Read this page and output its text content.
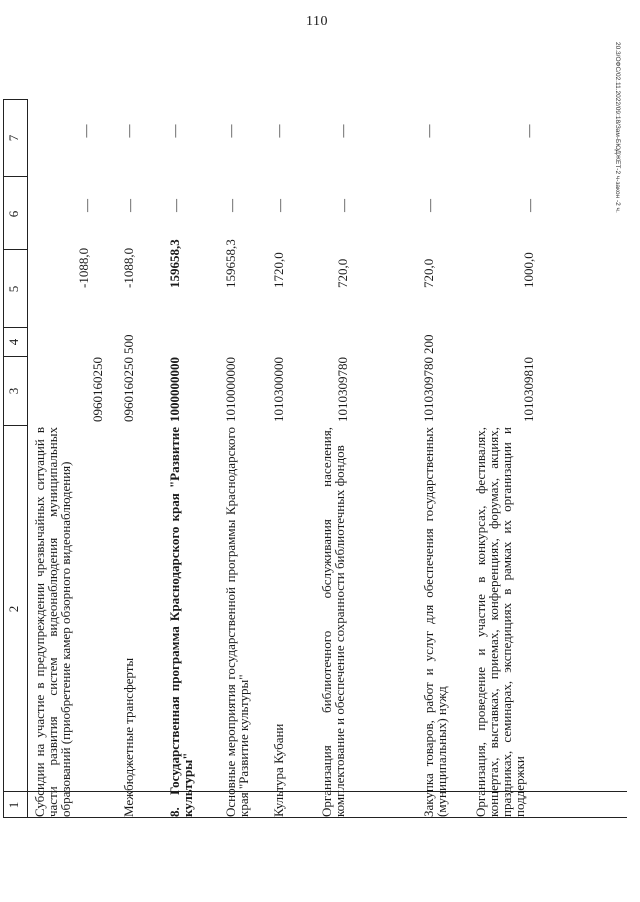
110
20.3/ОФС/02.11.2022/09:18/Зам-БЮДЖЕТ-2 ч-закон -2 ч.
1
2
3
4
5
6
7
Субсидии на участие в предупреждении чрезвычайных ситуаций в части развития систем видеонаблюдения муниципальных образований (приобретение камер обзорного видеонаблюдения)
0960160250
-1088,0
—
—
Межбюджетные трансферты
0960160250
500
-1088,0
—
—
8.Государственная программа Краснодарского края "Развитие культуры"
1000000000
159658,3
—
—
Основные мероприятия государственной программы Краснодарского края "Развитие культуры"
1010000000
159658,3
—
—
Культура Кубани
1010300000
1720,0
—
—
Организация библиотечного обслуживания населения, комплектование и обеспечение сохранности библиотечных фондов
1010309780
720,0
—
—
Закупка товаров, работ и услуг для обеспечения государственных (муниципальных) нужд
1010309780
200
720,0
—
—
Организация, проведение и участие в конкурсах, фестивалях, концертах, выставках, приемах, конференциях, форумах, акциях, праздниках, семинарах, экспедициях в рамках их организации и поддержки
1010309810
1000,0
—
—
